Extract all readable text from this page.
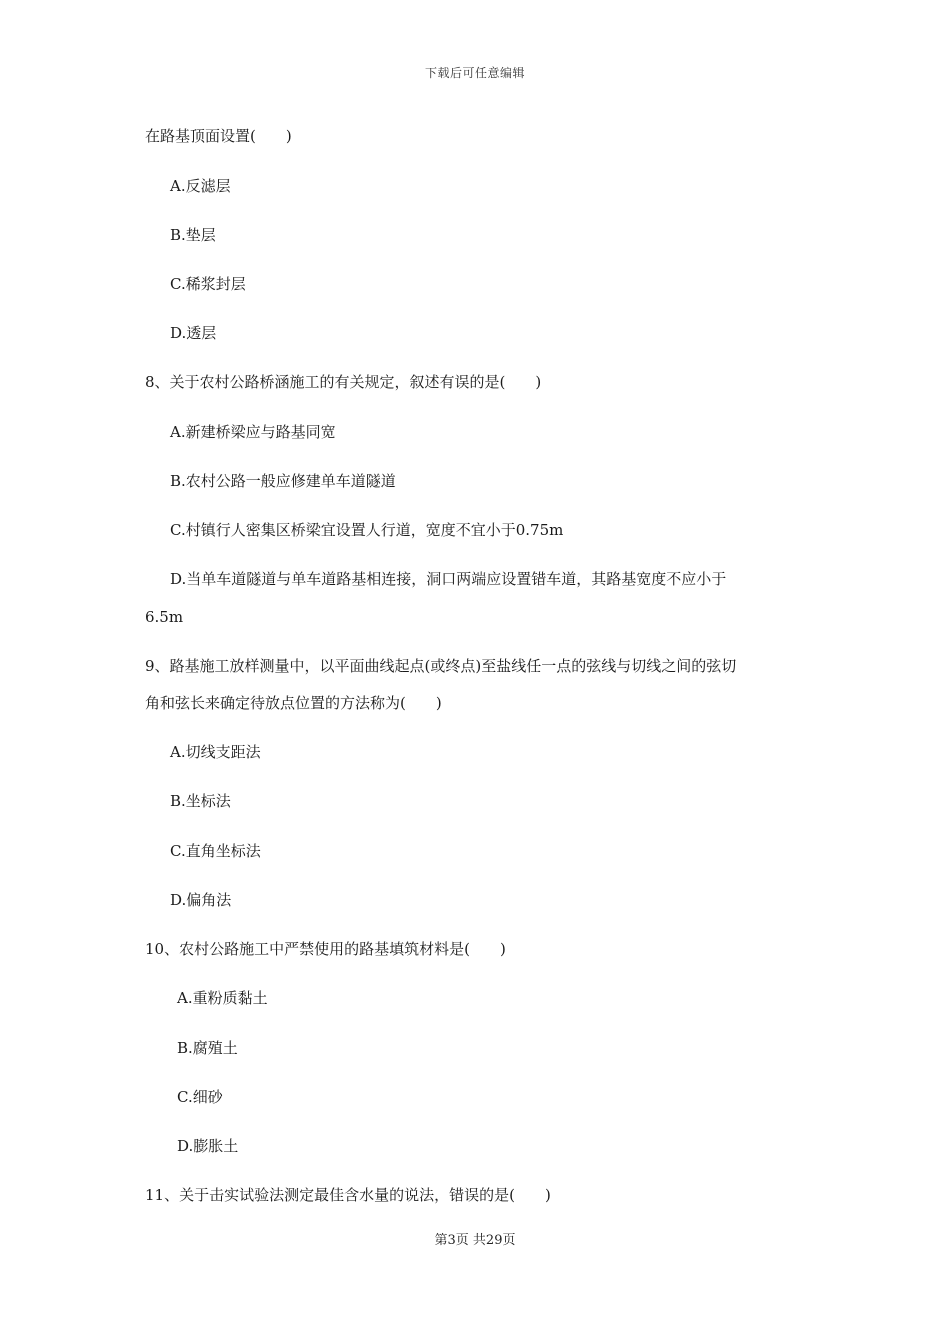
下载后可任意编辑
在路基顶面设置(　　)
A.反滤层
B.垫层
C.稀浆封层
D.透层
8、关于农村公路桥涵施工的有关规定，叙述有误的是(　　)
A.新建桥梁应与路基同宽
B.农村公路一般应修建单车道隧道
C.村镇行人密集区桥梁宜设置人行道，宽度不宜小于0.75m
D.当单车道隧道与单车道路基相连接，洞口两端应设置错车道，其路基宽度不应小于
6.5m
9、路基施工放样测量中，以平面曲线起点(或终点)至盐线任一点的弦线与切线之间的弦切
角和弦长来确定待放点位置的方法称为(　　)
A.切线支距法
B.坐标法
C.直角坐标法
D.偏角法
10、农村公路施工中严禁使用的路基填筑材料是(　　)
A.重粉质黏土
B.腐殖土
C.细砂
D.膨胀土
11、关于击实试验法测定最佳含水量的说法，错误的是(　　)
第3页 共29页
